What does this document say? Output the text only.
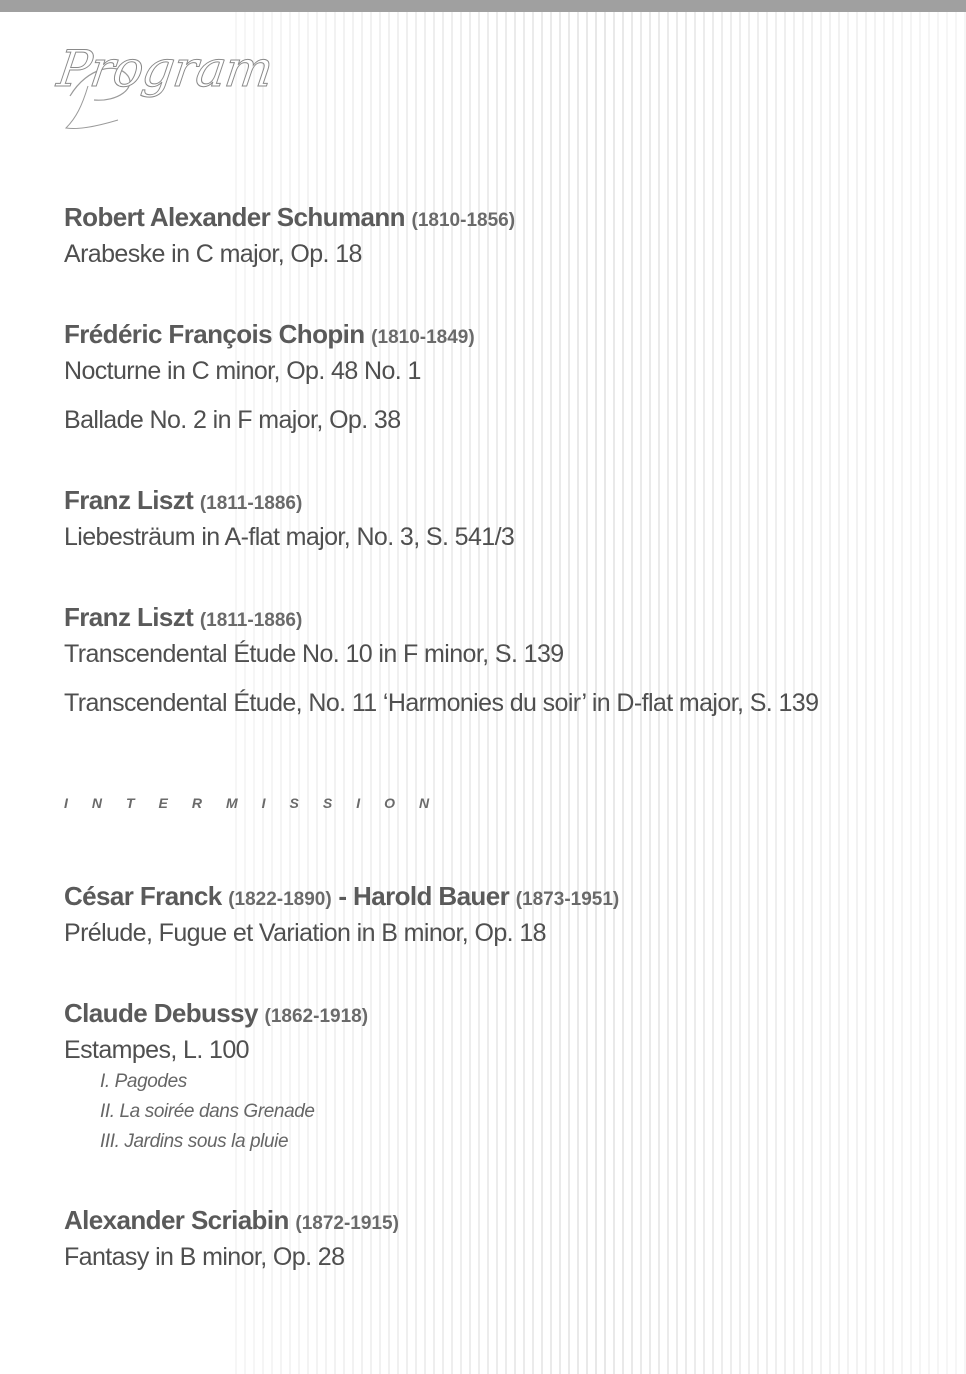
Program
Robert Alexander Schumann (1810-1856)
Arabeske in C major, Op. 18
Frédéric François Chopin (1810-1849)
Nocturne in C minor, Op. 48 No. 1
Ballade No. 2 in F major, Op. 38
Franz Liszt (1811-1886)
Liebesträum in A-flat major, No. 3, S. 541/3
Franz Liszt (1811-1886)
Transcendental Étude No. 10 in F minor, S. 139
Transcendental Étude, No. 11 ‘Harmonies du soir’ in D-flat major, S. 139
INTERMISSION
César Franck (1822-1890) - Harold Bauer (1873-1951)
Prélude, Fugue et Variation in B minor, Op. 18
Claude Debussy (1862-1918)
Estampes, L. 100
I. Pagodes
II. La soirée dans Grenade
III. Jardins sous la pluie
Alexander Scriabin (1872-1915)
Fantasy in B minor, Op. 28
